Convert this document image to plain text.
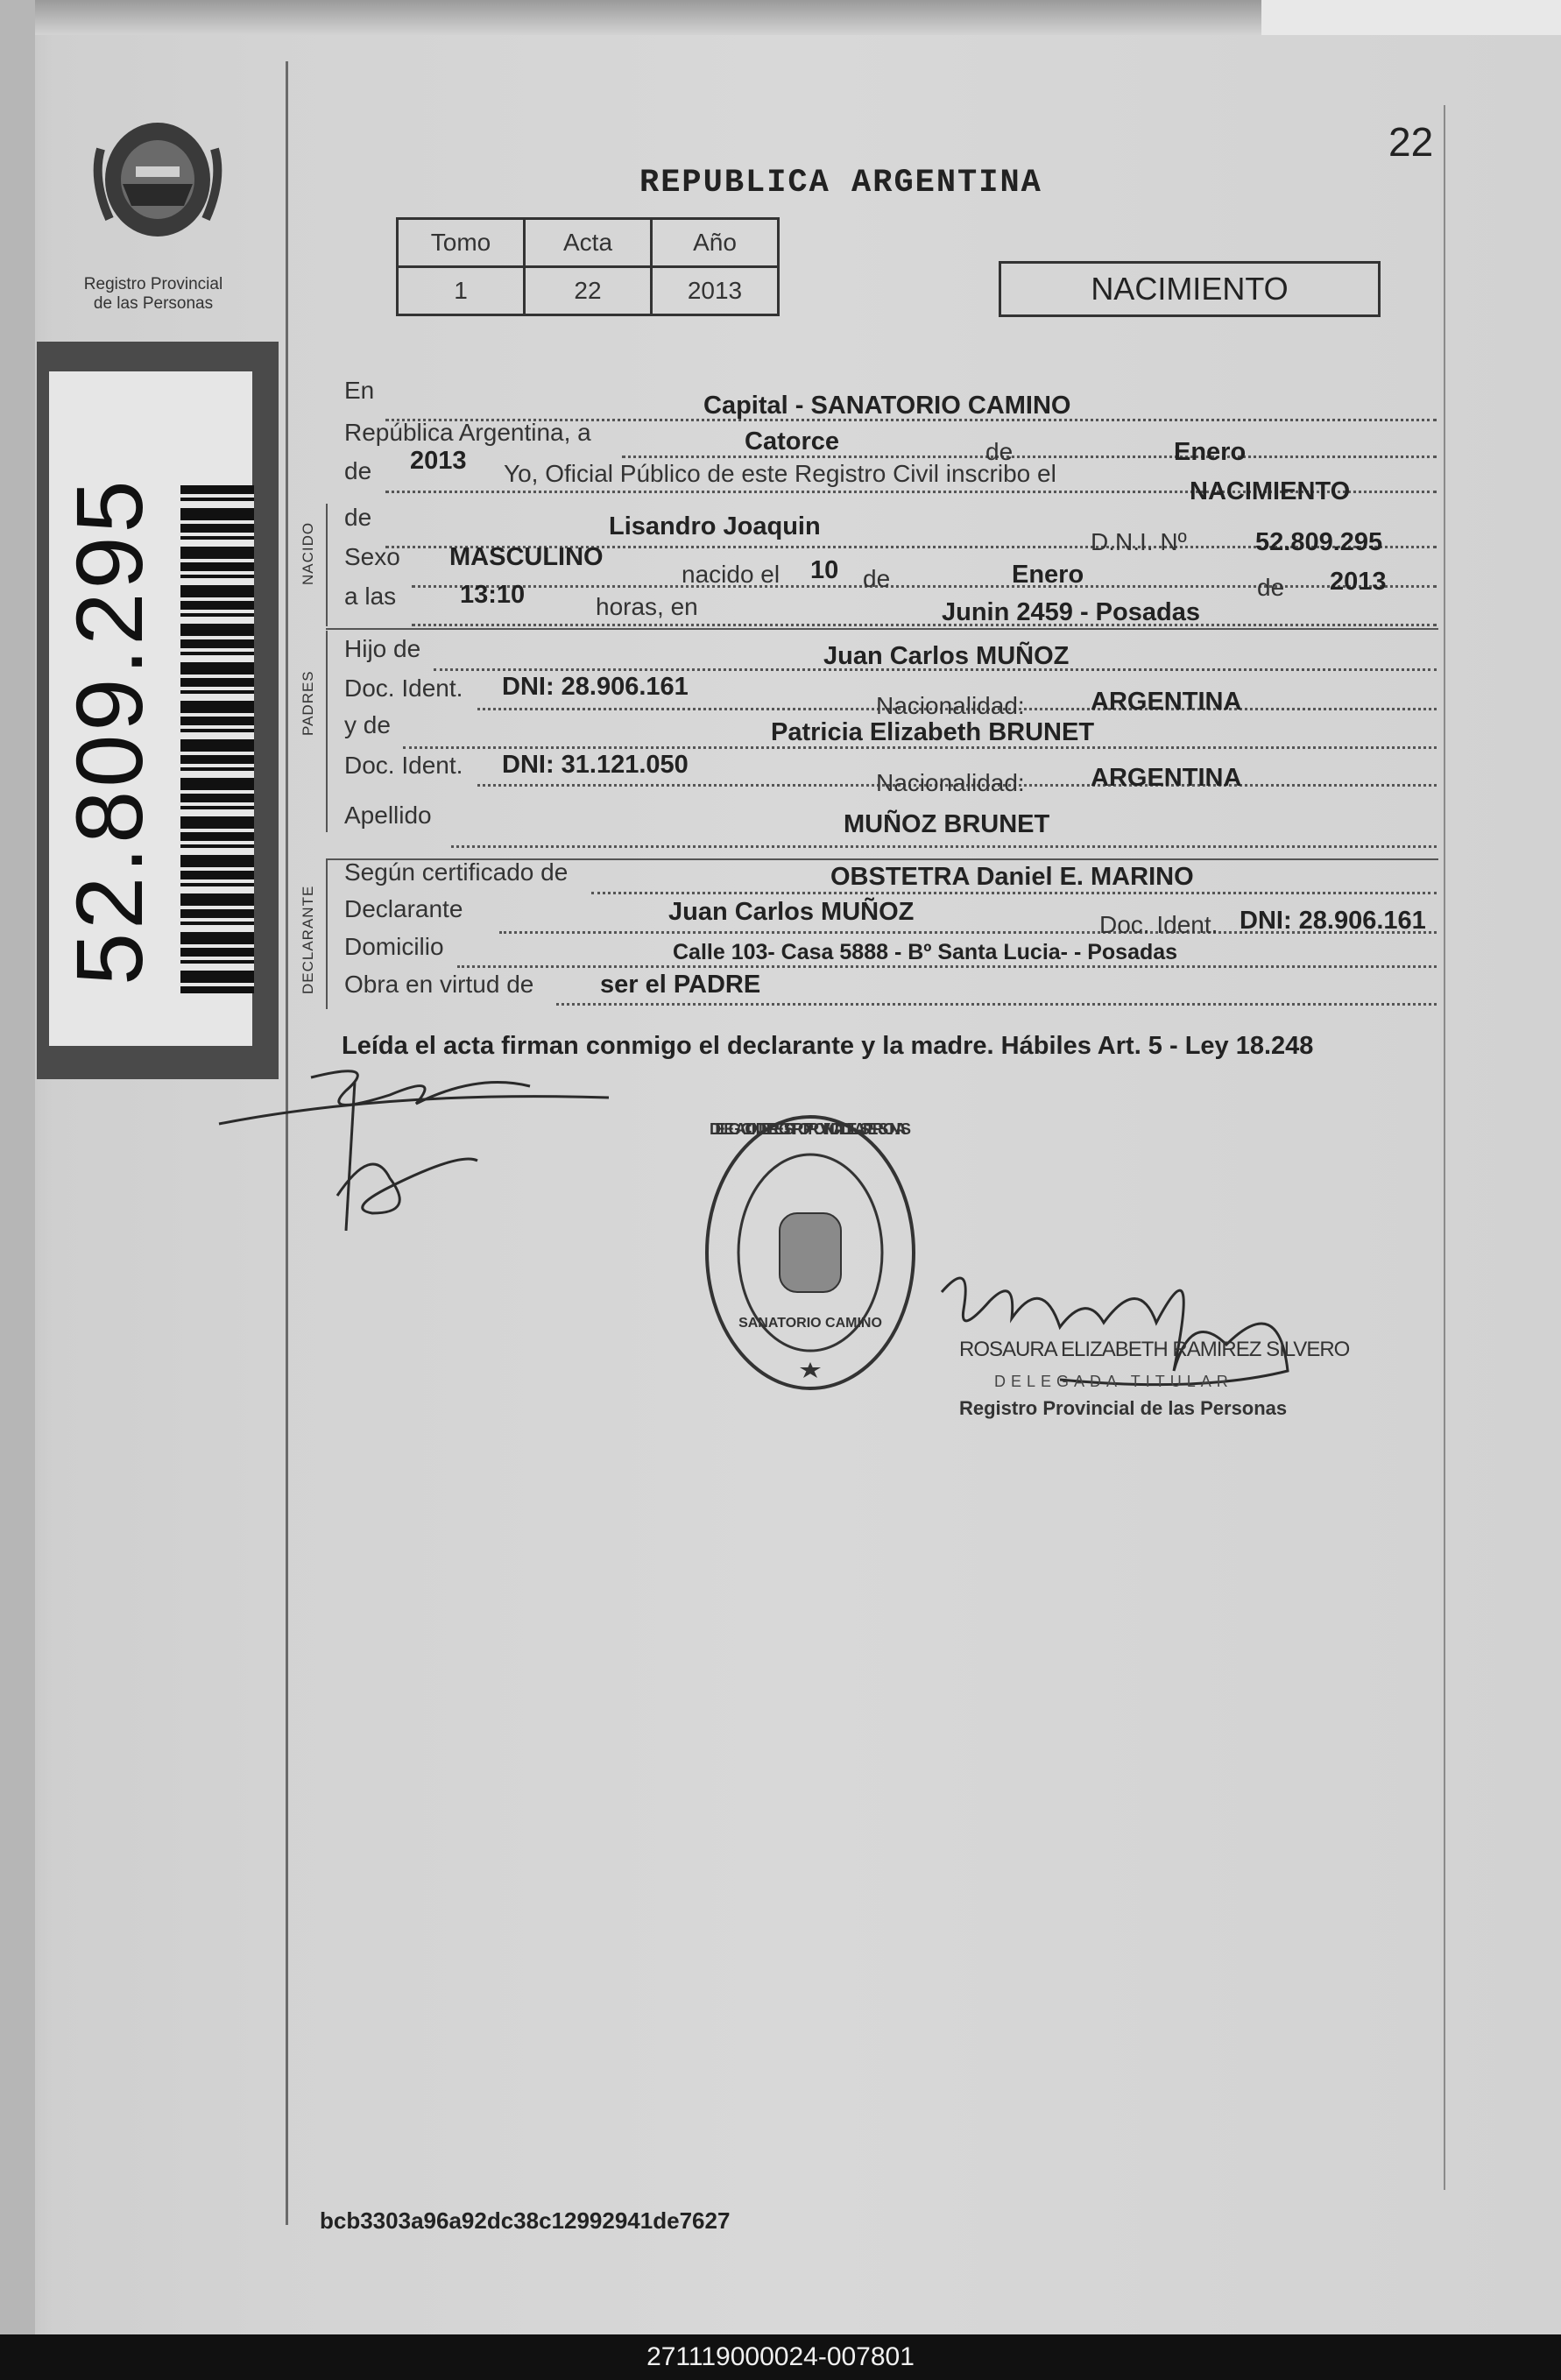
Registro Provincial
de las Personas
52.809.295
22
REPUBLICA ARGENTINA
Tomo	Acta	Año
1	22	2013	NACIMIENTO
En
Capital - SANATORIO CAMINO
República Argentina, a	Catorce	de	Enero
de 2013 Yo, Oficial Público de este Registro Civil inscribo el
NACIMIENTO
NACIDO
de	Lisandro Joaquin
D.N.I. Nº	52.809.295
Sexo MASCULINO
nacido el 10 de	Enero	de 2013
a las	13:10	horas, en	Junin 2459 - Posadas
PADRES
Hijo de	Juan Carlos MUÑOZ
Doc. Ident. DNI: 28.906.161
Nacionalidad:	ARGENTINA
y de	Patricia Elizabeth BRUNET
Doc. Ident. DNI: 31.121.050
Nacionalidad:	ARGENTINA
Apellido	MUÑOZ BRUNET
DECLARANTE
Según certificado de	OBSTETRA Daniel E. MARINO
Declarante	Juan Carlos MUÑOZ	Doc. Ident. DNI: 28.906.161
Domicilio	Calle 103- Casa 5888 - Bº Santa Lucia- - Posadas
Obra en virtud de	ser el PADRE
Leída el acta firman conmigo el declarante y la madre. Hábiles Art. 5 - Ley 18.248
DELEGACION DEL REGISTRO PROVINCIAL DE LAS PERSONAS
SANATORIO CAMINO
ROSAURA ELIZABETH RAMIREZ SILVERO
DELEGADA TITULAR
Registro Provincial de las Personas
bcb3303a96a92dc38c12992941de7627
271119000024-007801
